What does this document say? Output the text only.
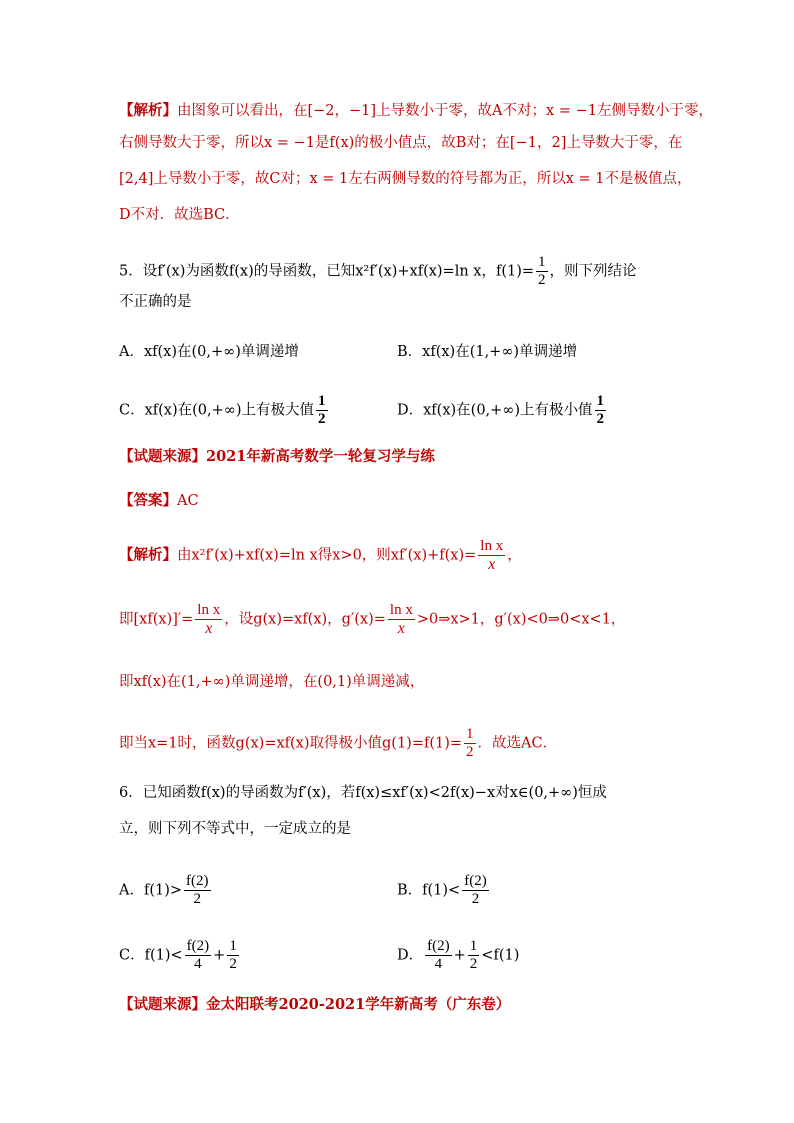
【解析】由图象可以看出，在[−2，−1]上导数小于零，故A不对；x = −1左侧导数小于零，
右侧导数大于零，所以x = −1是f(x)的极小值点，故B对；在[−1，2]上导数大于零，在
[2,4]上导数小于零，故C对；x = 1左右两侧导数的符号都为正，所以x = 1不是极值点，
D不对．故选BC．
5．设f′(x)为函数f(x)的导函数，已知x²f′(x)+xf(x)=ln x，$f(1)= \frac{1}{2}$ ，则下列结论
不正确的是
A．xf(x)在(0,+∞)单调递增	B．xf(x)在(1,+∞)单调递增
C．xf(x)在(0,+∞)上有极大值 $\frac{1}{2}$	D．xf(x)在(0,+∞)上有极小值 $\frac{1}{2}$
【试题来源】2021年新高考数学一轮复习学与练
【答案】AC
【解析】由x²f′(x)+xf(x)=ln x得x>0，则$xf'(x)+f(x)= \frac{\text{ln x}}{x}$ ，
即$[xf(x)]'= \frac{\text{ln x}}{x}$ ，设g(x)=xf(x)，$g'(x)= \frac{\text{ln x}}{x}$ >0⇒x>1，g′(x)<0⇒0<x<1，
即xf(x)在(1,+∞)单调递增，在(0,1)单调递减，
即当x=1时，函数g(x)=xf(x)取得极小值$g(1)=f(1)= \frac{1}{2}$ ．故选AC．
6．已知函数f(x)的导函数为f′(x)，若f(x)≤xf′(x)<2f(x)−x对x∈(0,+∞)恒成
立，则下列不等式中，一定成立的是
A．$f(1)> \frac{f(2)}{2}$	B．$f(1)< \frac{f(2)}{2}$
C．$f(1)< \frac{f(2)}{4} + \frac{1}{2}$	D． $\frac{f(2)}{4} + \frac{1}{2} <f(1)$
【试题来源】金太阳联考2020-2021学年新高考（广东卷）
